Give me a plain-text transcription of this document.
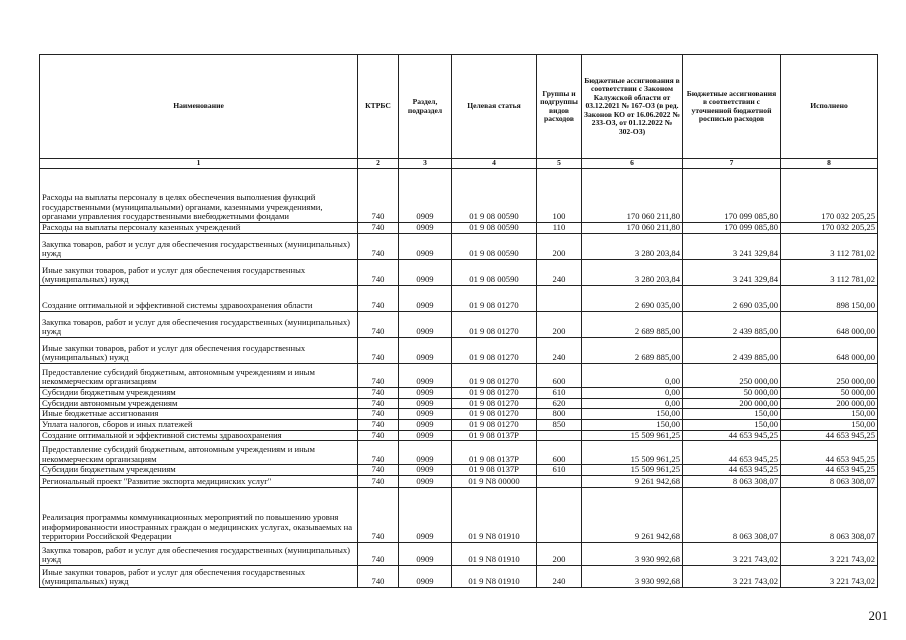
Наименование	КТРБС	Раздел, подраздел	Целевая статья	Группы и подгруппы видов расходов	Бюджетные ассигнования в соответствии с Законом Калужской области от 03.12.2021 № 167-ОЗ (в ред. Законов КО от 16.06.2022 № 233-ОЗ, от 01.12.2022 № 302-ОЗ)	Бюджетные ассигнования в соответствии с уточненной бюджетной росписью расходов	Исполнено
1	2	3	4	5	6	7	8
Расходы на выплаты персоналу в целях обеспечения выполнения функций государственными (муниципальными) органами, казенными учреждениями, органами управления государственными внебюджетными фондами	740	0909	01 9 08 00590	100	170 060 211,80	170 099 085,80	170 032 205,25
Расходы на выплаты персоналу казенных учреждений	740	0909	01 9 08 00590	110	170 060 211,80	170 099 085,80	170 032 205,25
Закупка товаров, работ и услуг для обеспечения государственных (муниципальных) нужд	740	0909	01 9 08 00590	200	3 280 203,84	3 241 329,84	3 112 781,02
Иные закупки товаров, работ и услуг для обеспечения государственных (муниципальных) нужд	740	0909	01 9 08 00590	240	3 280 203,84	3 241 329,84	3 112 781,02
Создание оптимальной и эффективной системы здравоохранения области	740	0909	01 9 08 01270		2 690 035,00	2 690 035,00	898 150,00
Закупка товаров, работ и услуг для обеспечения государственных (муниципальных) нужд	740	0909	01 9 08 01270	200	2 689 885,00	2 439 885,00	648 000,00
Иные закупки товаров, работ и услуг для обеспечения государственных (муниципальных) нужд	740	0909	01 9 08 01270	240	2 689 885,00	2 439 885,00	648 000,00
Предоставление субсидий бюджетным, автономным учреждениям и иным некоммерческим организациям	740	0909	01 9 08 01270	600	0,00	250 000,00	250 000,00
Субсидии бюджетным учреждениям	740	0909	01 9 08 01270	610	0,00	50 000,00	50 000,00
Субсидии автономным учреждениям	740	0909	01 9 08 01270	620	0,00	200 000,00	200 000,00
Иные бюджетные ассигнования	740	0909	01 9 08 01270	800	150,00	150,00	150,00
Уплата налогов, сборов и иных платежей	740	0909	01 9 08 01270	850	150,00	150,00	150,00
Создание оптимальной и эффективной системы здравоохранения	740	0909	01 9 08 0137P		15 509 961,25	44 653 945,25	44 653 945,25
Предоставление субсидий бюджетным, автономным учреждениям и иным некоммерческим организациям	740	0909	01 9 08 0137P	600	15 509 961,25	44 653 945,25	44 653 945,25
Субсидии бюджетным учреждениям	740	0909	01 9 08 0137P	610	15 509 961,25	44 653 945,25	44 653 945,25
Региональный проект "Развитие экспорта медицинских услуг"	740	0909	01 9 N8 00000		9 261 942,68	8 063 308,07	8 063 308,07
Реализация программы коммуникационных мероприятий по повышению уровня информированности иностранных граждан о медицинских услугах, оказываемых на территории Российской Федерации	740	0909	01 9 N8 01910		9 261 942,68	8 063 308,07	8 063 308,07
Закупка товаров, работ и услуг для обеспечения государственных (муниципальных) нужд	740	0909	01 9 N8 01910	200	3 930 992,68	3 221 743,02	3 221 743,02
Иные закупки товаров, работ и услуг для обеспечения государственных (муниципальных) нужд	740	0909	01 9 N8 01910	240	3 930 992,68	3 221 743,02	3 221 743,02
201
